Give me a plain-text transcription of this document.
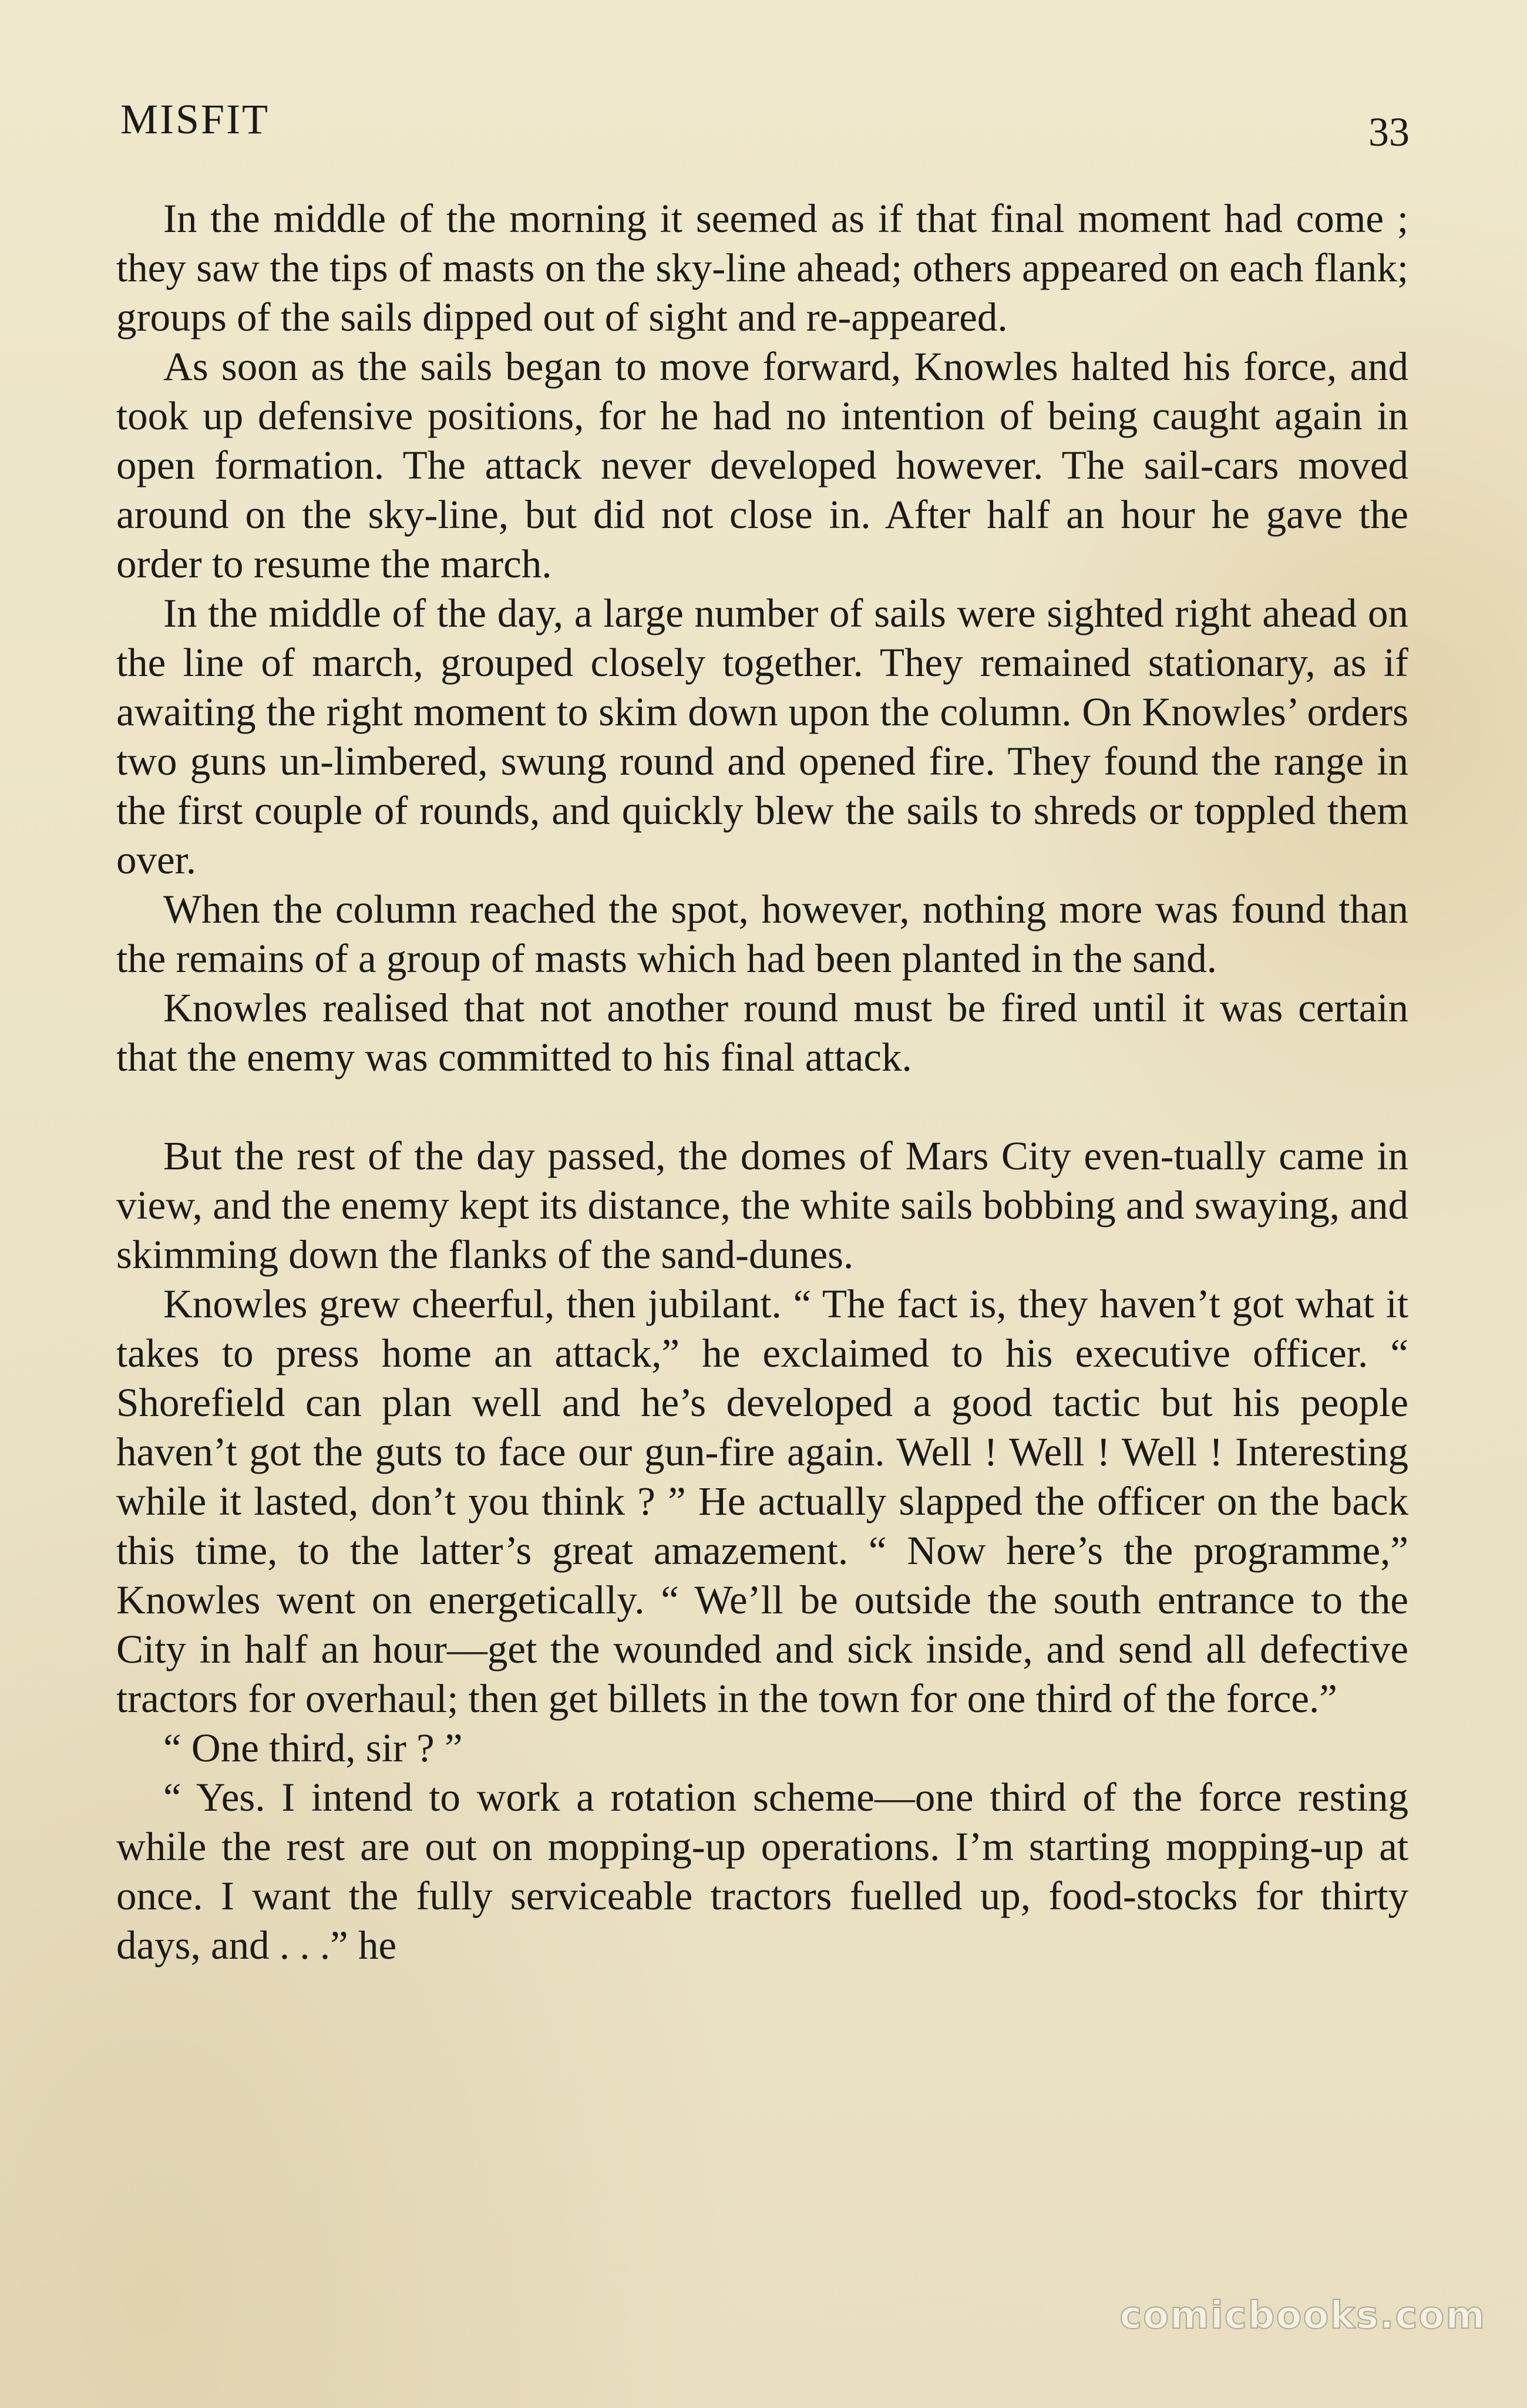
MISFIT	33

In the middle of the morning it seemed as if that final moment had come ; they saw the tips of masts on the sky-line ahead; others appeared on each flank; groups of the sails dipped out of sight and re-appeared.

As soon as the sails began to move forward, Knowles halted his force, and took up defensive positions, for he had no intention of being caught again in open formation. The attack never developed however. The sail-cars moved around on the sky-line, but did not close in. After half an hour he gave the order to resume the march.

In the middle of the day, a large number of sails were sighted right ahead on the line of march, grouped closely together. They remained stationary, as if awaiting the right moment to skim down upon the column. On Knowles’ orders two guns un-limbered, swung round and opened fire. They found the range in the first couple of rounds, and quickly blew the sails to shreds or toppled them over.

When the column reached the spot, however, nothing more was found than the remains of a group of masts which had been planted in the sand.

Knowles realised that not another round must be fired until it was certain that the enemy was committed to his final attack.

But the rest of the day passed, the domes of Mars City even-tually came in view, and the enemy kept its distance, the white sails bobbing and swaying, and skimming down the flanks of the sand-dunes.

Knowles grew cheerful, then jubilant. “ The fact is, they haven’t got what it takes to press home an attack,” he exclaimed to his executive officer. “ Shorefield can plan well and he’s developed a good tactic but his people haven’t got the guts to face our gun-fire again. Well ! Well ! Well ! Interesting while it lasted, don’t you think ? ” He actually slapped the officer on the back this time, to the latter’s great amazement. “ Now here’s the programme,” Knowles went on energetically. “ We’ll be outside the south entrance to the City in half an hour—get the wounded and sick inside, and send all defective tractors for overhaul; then get billets in the town for one third of the force.”

“ One third, sir ? ”

“ Yes. I intend to work a rotation scheme—one third of the force resting while the rest are out on mopping-up operations. I’m starting mopping-up at once. I want the fully serviceable tractors fuelled up, food-stocks for thirty days, and . . .” he

comicbooks.com
